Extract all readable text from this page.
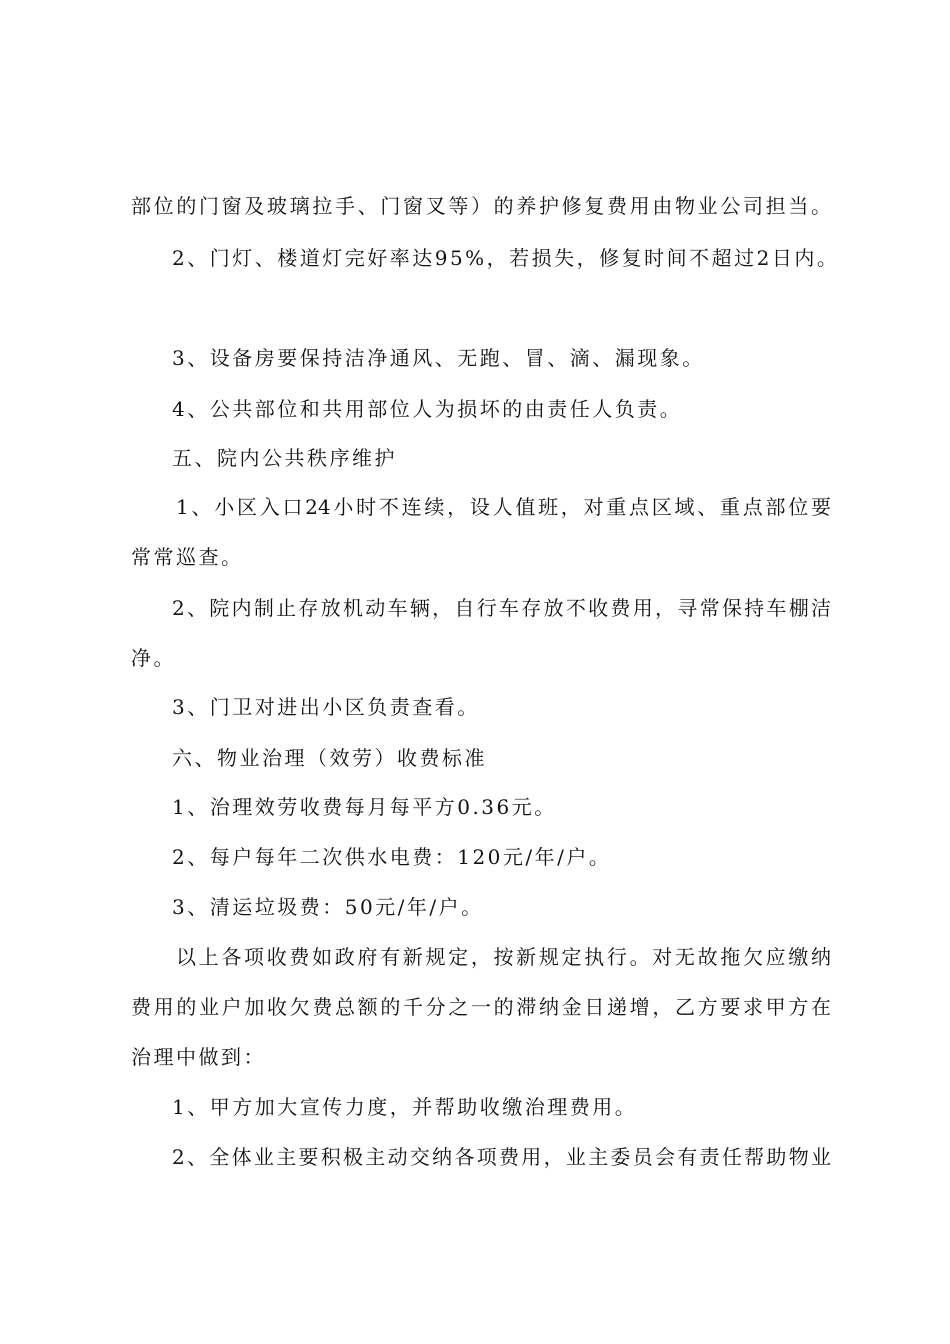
部位的门窗及玻璃拉手、门窗叉等）的养护修复费用由物业公司担当。

2、门灯、楼道灯完好率达95%，若损失，修复时间不超过2日内。

3、设备房要保持洁净通风、无跑、冒、滴、漏现象。

4、公共部位和共用部位人为损坏的由责任人负责。

五、院内公共秩序维护

1、小区入口24小时不连续，设人值班，对重点区域、重点部位要

常常巡查。

2、院内制止存放机动车辆，自行车存放不收费用，寻常保持车棚洁

净。

3、门卫对进出小区负责查看。

六、物业治理（效劳）收费标准

1、治理效劳收费每月每平方0.36元。

2、每户每年二次供水电费：120元/年/户。

3、清运垃圾费：50元/年/户。

以上各项收费如政府有新规定，按新规定执行。对无故拖欠应缴纳

费用的业户加收欠费总额的千分之一的滞纳金日递增，乙方要求甲方在

治理中做到：

1、甲方加大宣传力度，并帮助收缴治理费用。

2、全体业主要积极主动交纳各项费用，业主委员会有责任帮助物业
